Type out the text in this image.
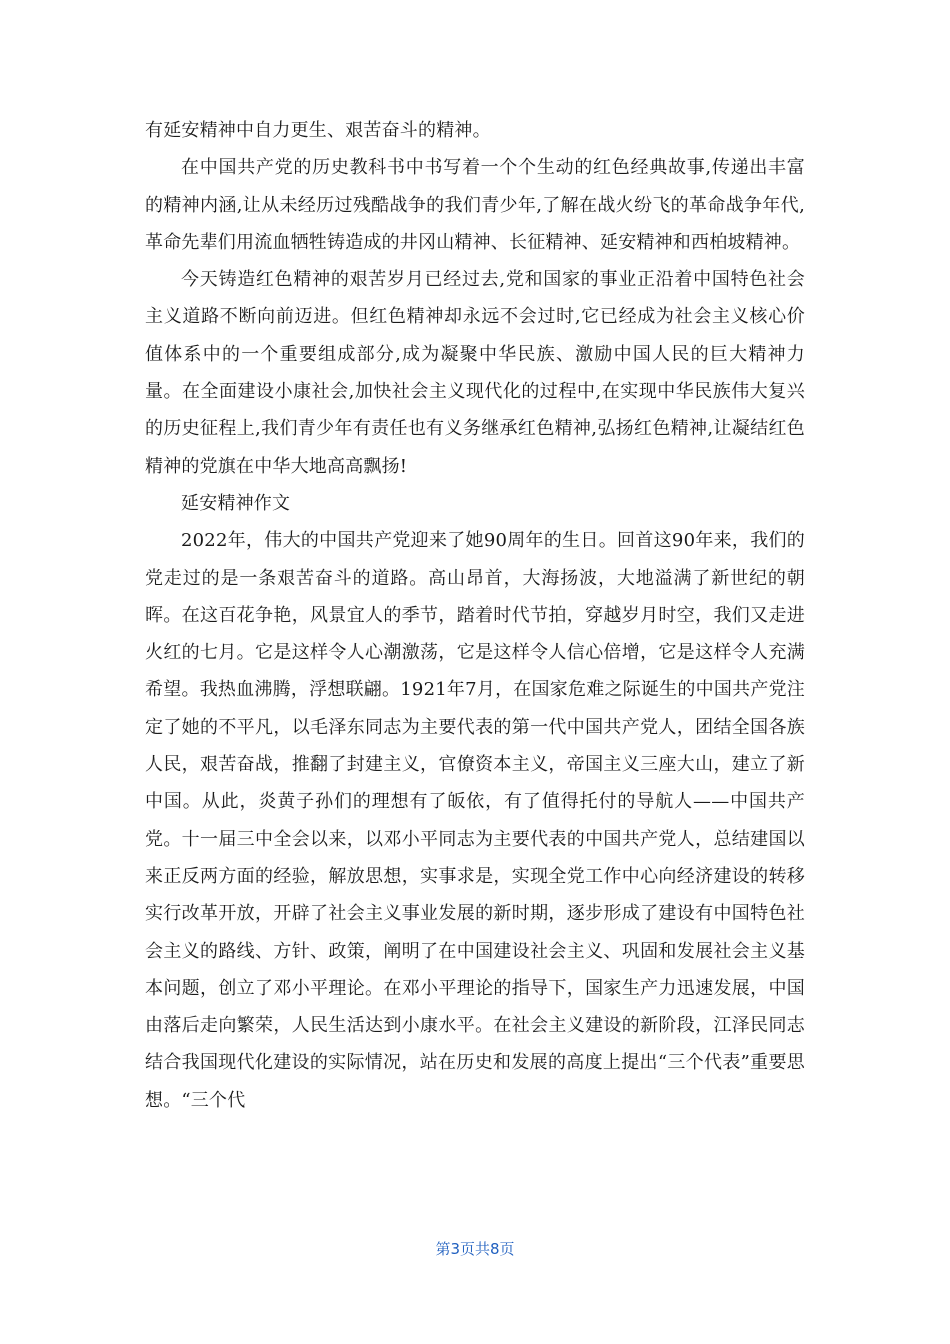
有延安精神中自力更生、艰苦奋斗的精神。

在中国共产党的历史教科书中书写着一个个生动的红色经典故事,传递出丰富的精神内涵,让从未经历过残酷战争的我们青少年,了解在战火纷飞的革命战争年代,革命先辈们用流血牺牲铸造成的井冈山精神、长征精神、延安精神和西柏坡精神。

今天铸造红色精神的艰苦岁月已经过去,党和国家的事业正沿着中国特色社会主义道路不断向前迈进。但红色精神却永远不会过时,它已经成为社会主义核心价值体系中的一个重要组成部分,成为凝聚中华民族、激励中国人民的巨大精神力量。在全面建设小康社会,加快社会主义现代化的过程中,在实现中华民族伟大复兴的历史征程上,我们青少年有责任也有义务继承红色精神,弘扬红色精神,让凝结红色精神的党旗在中华大地高高飘扬!

延安精神作文

2022年，伟大的中国共产党迎来了她90周年的生日。回首这90年来，我们的党走过的是一条艰苦奋斗的道路。高山昂首，大海扬波，大地溢满了新世纪的朝晖。在这百花争艳，风景宜人的季节，踏着时代节拍，穿越岁月时空，我们又走进火红的七月。它是这样令人心潮激荡，它是这样令人信心倍增，它是这样令人充满希望。我热血沸腾，浮想联翩。1921年7月，在国家危难之际诞生的中国共产党注定了她的不平凡，以毛泽东同志为主要代表的第一代中国共产党人，团结全国各族人民，艰苦奋战，推翻了封建主义，官僚资本主义，帝国主义三座大山，建立了新中国。从此，炎黄子孙们的理想有了皈依，有了值得托付的导航人——中国共产党。十一届三中全会以来，以邓小平同志为主要代表的中国共产党人，总结建国以来正反两方面的经验，解放思想，实事求是，实现全党工作中心向经济建设的转移实行改革开放，开辟了社会主义事业发展的新时期，逐步形成了建设有中国特色社会主义的路线、方针、政策，阐明了在中国建设社会主义、巩固和发展社会主义基本问题，创立了邓小平理论。在邓小平理论的指导下，国家生产力迅速发展，中国由落后走向繁荣，人民生活达到小康水平。在社会主义建设的新阶段，江泽民同志结合我国现代化建设的实际情况，站在历史和发展的高度上提出“三个代表”重要思想。“三个代

第3页共8页
